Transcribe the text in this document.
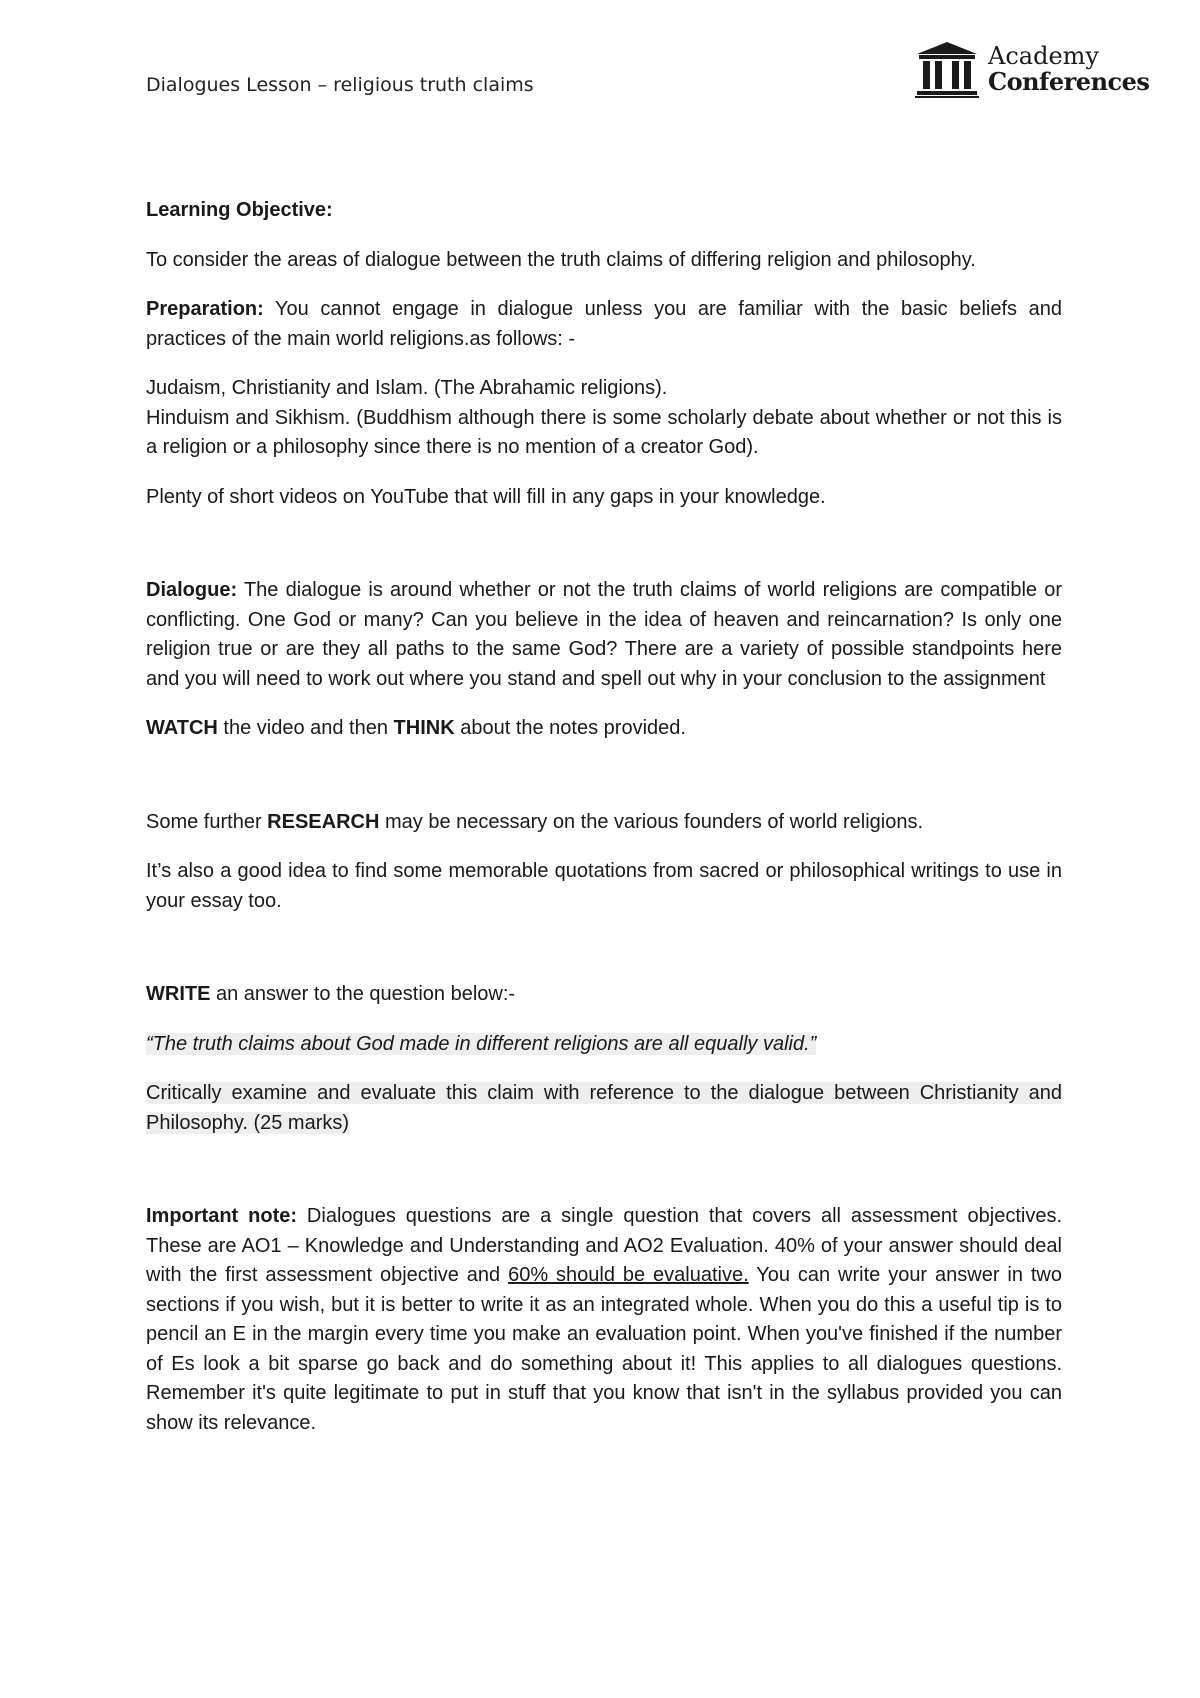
Dialogues Lesson – religious truth claims
Academy
Conferences

Learning Objective:

To consider the areas of dialogue between the truth claims of differing religion and philosophy.

Preparation: You cannot engage in dialogue unless you are familiar with the basic beliefs and practices of the main world religions.as follows: -

Judaism, Christianity and Islam. (The Abrahamic religions).
Hinduism and Sikhism. (Buddhism although there is some scholarly debate about whether or not this is a religion or a philosophy since there is no mention of a creator God).

Plenty of short videos on YouTube that will fill in any gaps in your knowledge.

Dialogue: The dialogue is around whether or not the truth claims of world religions are compatible or conflicting. One God or many? Can you believe in the idea of heaven and reincarnation? Is only one religion true or are they all paths to the same God? There are a variety of possible standpoints here and you will need to work out where you stand and spell out why in your conclusion to the assignment

WATCH the video and then THINK about the notes provided.

Some further RESEARCH may be necessary on the various founders of world religions.

It’s also a good idea to find some memorable quotations from sacred or philosophical writings to use in your essay too.

WRITE an answer to the question below:-

“The truth claims about God made in different religions are all equally valid.”

Critically examine and evaluate this claim with reference to the dialogue between Christianity and Philosophy. (25 marks)

Important note: Dialogues questions are a single question that covers all assessment objectives. These are AO1 – Knowledge and Understanding and AO2 Evaluation. 40% of your answer should deal with the first assessment objective and 60% should be evaluative. You can write your answer in two sections if you wish, but it is better to write it as an integrated whole. When you do this a useful tip is to pencil an E in the margin every time you make an evaluation point. When you've finished if the number of Es look a bit sparse go back and do something about it! This applies to all dialogues questions. Remember it's quite legitimate to put in stuff that you know that isn't in the syllabus provided you can show its relevance.
